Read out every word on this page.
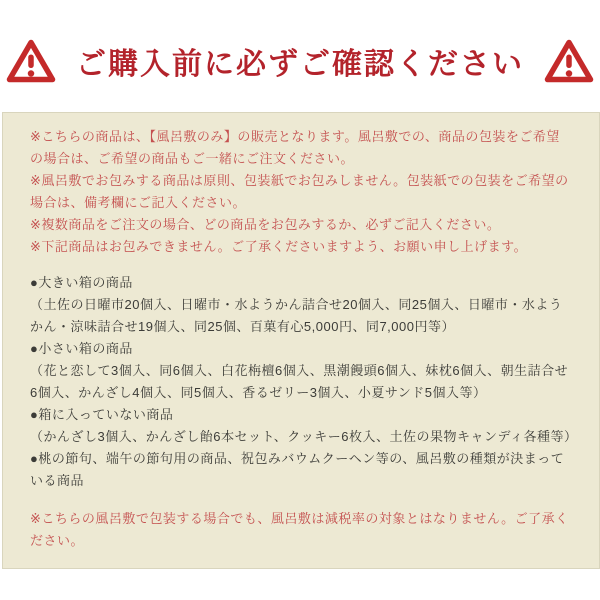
ご購入前に必ずご確認ください

※こちらの商品は、【風呂敷のみ】の販売となります。風呂敷での、商品の包装をご希望の場合は、ご希望の商品もご一緒にご注文ください。

※風呂敷でお包みする商品は原則、包装紙でお包みしません。包装紙での包装をご希望の場合は、備考欄にご記入ください。

※複数商品をご注文の場合、どの商品をお包みするか、必ずご記入ください。

※下記商品はお包みできません。ご了承くださいますよう、お願い申し上げます。

●大きい箱の商品

（土佐の日曜市20個入、日曜市・水ようかん詰合せ20個入、同25個入、日曜市・水ようかん・涼味詰合せ19個入、同25個、百菓有心5,000円、同7,000円等）

●小さい箱の商品

（花と恋して3個入、同6個入、白花栴檀6個入、黒潮饅頭6個入、妹枕6個入、朝生詰合せ6個入、かんざし4個入、同5個入、香るゼリー3個入、小夏サンド5個入等）

●箱に入っていない商品

（かんざし3個入、かんざし飴6本セット、クッキー6枚入、土佐の果物キャンディ各種等）

●桃の節句、端午の節句用の商品、祝包みバウムクーヘン等の、風呂敷の種類が決まっている商品

※こちらの風呂敷で包装する場合でも、風呂敷は減税率の対象とはなりません。ご了承ください。
